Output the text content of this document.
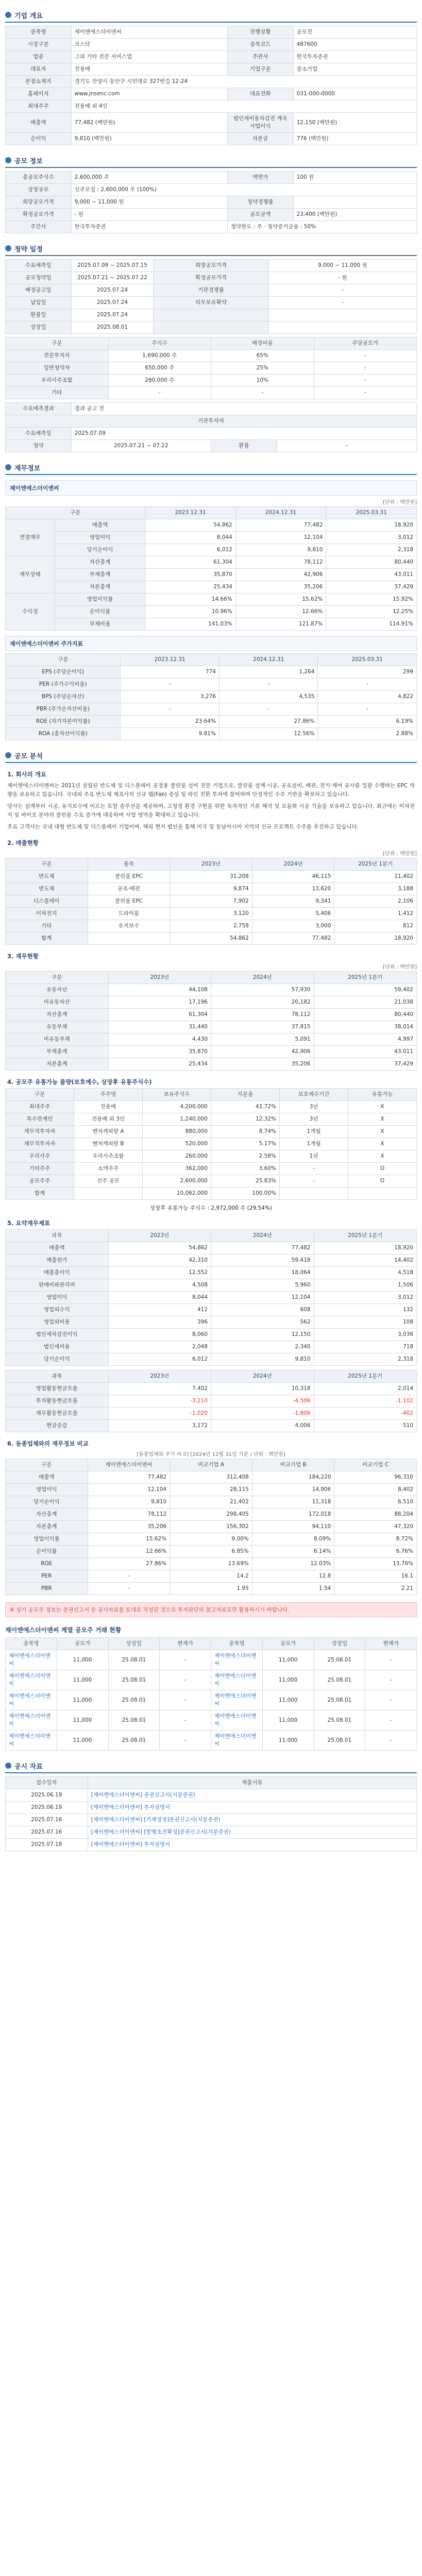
기업 개요
종목명	제이엔에스더이앤씨	진행상황	공모전
시장구분	코스닥	종목코드	487600
업종	그외 기타 전문 서비스업	주관사	한국투자증권
대표자	전용배	기업구분	중소기업
본점소재지	경기도 안양시 동안구 시민대로 327번길 12-24		
홈페이지	www.jnsenc.com	대표전화	031-000-0000
최대주주	전용배 외 4인		
매출액	77,482 (백만원)	법인세비용차감전 계속사업이익	12,150 (백만원)
순이익	9,810 (백만원)	자본금	776 (백만원)
공모 정보
총공모주식수	2,600,000 주	액면가	100 원
상장공모	신주모집 : 2,600,000 주 (100%)		
희망공모가격	9,000 ~ 11,000 원	청약경쟁률	
확정공모가격	- 원	공모금액	23,400 (백만원)
주간사	한국투자증권	청약한도 : 주 · 청약증거금율 : 50%	
청약 일정
수요예측일	2025.07.09 ~ 2025.07.15	희망공모가격	9,000 ~ 11,000 원
공모청약일	2025.07.21 ~ 2025.07.22	확정공모가격	- 원
배정공고일	2025.07.24	기관경쟁률	-
납입일	2025.07.24	의무보유확약	-
환불일	2025.07.24		
상장일	2025.08.01		
구분	주식수	배정비율	주당공모가
전문투자자	1,690,000 주	65%	-
일반청약자	650,000 주	25%	-
우리사주조합	260,000 주	10%	-
기타	-	-	-
수요예측결과	결과 공고 전		
기관투자자			
수요예측일	2025.07.09		
청약	2025.07.21 ~ 07.22	환불	-
재무정보
제이엔에스더이앤씨
[단위 : 백만원]
구분		2023.12.31	2024.12.31	2025.03.31
연결재무	매출액	54,862	77,482	18,920
	영업이익	8,044	12,104	3,012
	당기순이익	6,012	9,810	2,318
재무상태	자산총계	61,304	78,112	80,440
	부채총계	35,870	42,906	43,011
	자본총계	25,434	35,206	37,429
수익성	영업이익률	14.66%	15.62%	15.92%
	순이익률	10.96%	12.66%	12.25%
	부채비율	141.03%	121.87%	114.91%
제이엔에스더이앤씨 주가지표
구분	2023.12.31	2024.12.31	2025.03.31
EPS (주당순이익)	774	1,264	299
PER (주가수익비율)	-	-	-
BPS (주당순자산)	3,276	4,535	4,822
PBR (주가순자산비율)	-	-	-
ROE (자기자본이익률)	23.64%	27.86%	6.19%
ROA (총자산이익률)	9.81%	12.56%	2.88%
공모 분석
1. 회사의 개요

제이엔에스더이앤씨는 2011년 설립된 반도체 및 디스플레이 공정용 클린룸 설비 전문 기업으로, 클린룸 설계·시공, 공조설비, 배관, 전기·제어 공사를 일괄 수행하는 EPC 역량을 보유하고 있습니다. 국내외 주요 반도체 제조사의 신규 팹(Fab) 증설 및 라인 전환 투자에 참여하며 안정적인 수주 기반을 확보하고 있습니다.

당사는 설계부터 시공, 유지보수에 이르는 토털 솔루션을 제공하며, 고청정 환경 구현을 위한 독자적인 기류 해석 및 모듈화 시공 기술을 보유하고 있습니다. 최근에는 이차전지 및 바이오 분야의 클린룸 수요 증가에 대응하여 사업 영역을 확대하고 있습니다.

주요 고객사는 국내 대형 반도체 및 디스플레이 기업이며, 해외 현지 법인을 통해 미국 및 동남아시아 지역의 신규 프로젝트 수주를 추진하고 있습니다.

2. 매출현황
[단위 : 백만원]
구분	품목	2023년	2024년	2025년 1분기
반도체	클린룸 EPC	31,208	46,115	11,402
반도체	공조·배관	9,874	13,620	3,188
디스플레이	클린룸 EPC	7,902	9,341	2,106
이차전지	드라이룸	3,120	5,406	1,412
기타	유지보수	2,758	3,000	812
합계		54,862	77,482	18,920
3. 재무현황
[단위 : 백만원]
구분	2023년	2024년	2025년 1분기
유동자산	44,108	57,930	59,402
비유동자산	17,196	20,182	21,038
자산총계	61,304	78,112	80,440
유동부채	31,440	37,815	38,014
비유동부채	4,430	5,091	4,997
부채총계	35,870	42,906	43,011
자본총계	25,434	35,206	37,429
4. 공모주 유통가능 물량(보호예수, 상장후 유통주식수)
구분	주주명	보유주식수	지분율	보호예수기간	유통가능
최대주주	전용배	4,200,000	41.72%	3년	X
특수관계인	전용배 외 3인	1,240,000	12.32%	3년	X
재무적투자자	벤처캐피탈 A	880,000	8.74%	1개월	X
재무적투자자	벤처캐피탈 B	520,000	5.17%	1개월	X
우리사주	우리사주조합	260,000	2.58%	1년	X
기타주주	소액주주	362,000	3.60%	-	O
공모주주	신주 공모	2,600,000	25.83%	-	O
합계		10,062,000	100.00%		
상장후 유통가능 주식수 : 2,972,000 주 (29.54%)
5. 요약재무제표
과목	2023년	2024년	2025년 1분기
매출액	54,862	77,482	18,920
매출원가	42,310	59,418	14,402
매출총이익	12,552	18,064	4,518
판매비와관리비	4,508	5,960	1,506
영업이익	8,044	12,104	3,012
영업외수익	412	608	132
영업외비용	396	562	108
법인세차감전이익	8,060	12,150	3,036
법인세비용	2,048	2,340	718
당기순이익	6,012	9,810	2,318
과목	2023년	2024년	2025년 1분기
영업활동현금흐름	7,402	10,318	2,014
투자활동현금흐름	-3,210	-4,506	-1,102
재무활동현금흐름	-1,020	-1,806	-402
현금증감	3,172	4,006	510
6. 동종업체와의 재무정보 비교
[동종업체와 주가 비교] [2024년 12월 31일 기준 / 단위 : 백만원]
구분	제이엔에스더이앤씨	비교기업 A	비교기업 B	비교기업 C
매출액	77,482	312,408	184,220	96,310
영업이익	12,104	28,115	14,906	8,402
당기순이익	9,810	21,402	11,318	6,510
자산총계	78,112	298,405	172,018	88,204
자본총계	35,206	156,302	94,110	47,320
영업이익률	15.62%	9.00%	8.09%	8.72%
순이익률	12.66%	6.85%	6.14%	6.76%
ROE	27.86%	13.69%	12.03%	13.76%
PER	-	14.2	12.8	16.1
PBR	-	1.95	1.54	2.21
※ 상기 공모주 정보는 증권신고서 등 공시자료를 토대로 작성된 것으로 투자판단의 참고자료로만 활용하시기 바랍니다.
제이엔에스더이앤씨 계열 공모주 거래 현황
종목명	공모가	상장일	현재가	종목명	공모가	상장일	현재가
제이엔에스더이앤씨	11,000	25.08.01	-	제이엔에스더이앤씨	11,000	25.08.01	-
제이엔에스더이앤씨	11,000	25.08.01	-	제이엔에스더이앤씨	11,000	25.08.01	-
제이엔에스더이앤씨	11,000	25.08.01	-	제이엔에스더이앤씨	11,000	25.08.01	-
제이엔에스더이앤씨	11,000	25.08.01	-	제이엔에스더이앤씨	11,000	25.08.01	-
제이엔에스더이앤씨	11,000	25.08.01	-	제이엔에스더이앤씨	11,000	25.08.01	-
공시 자료
접수일자	제출서류
2025.06.19	[제이엔에스더이앤씨] 증권신고서(지분증권)
2025.06.19	[제이엔에스더이앤씨] 투자설명서
2025.07.16	[제이엔에스더이앤씨] [기재정정]증권신고서(지분증권)
2025.07.16	[제이엔에스더이앤씨] [발행조건확정]증권신고서(지분증권)
2025.07.18	[제이엔에스더이앤씨] 투자설명서
